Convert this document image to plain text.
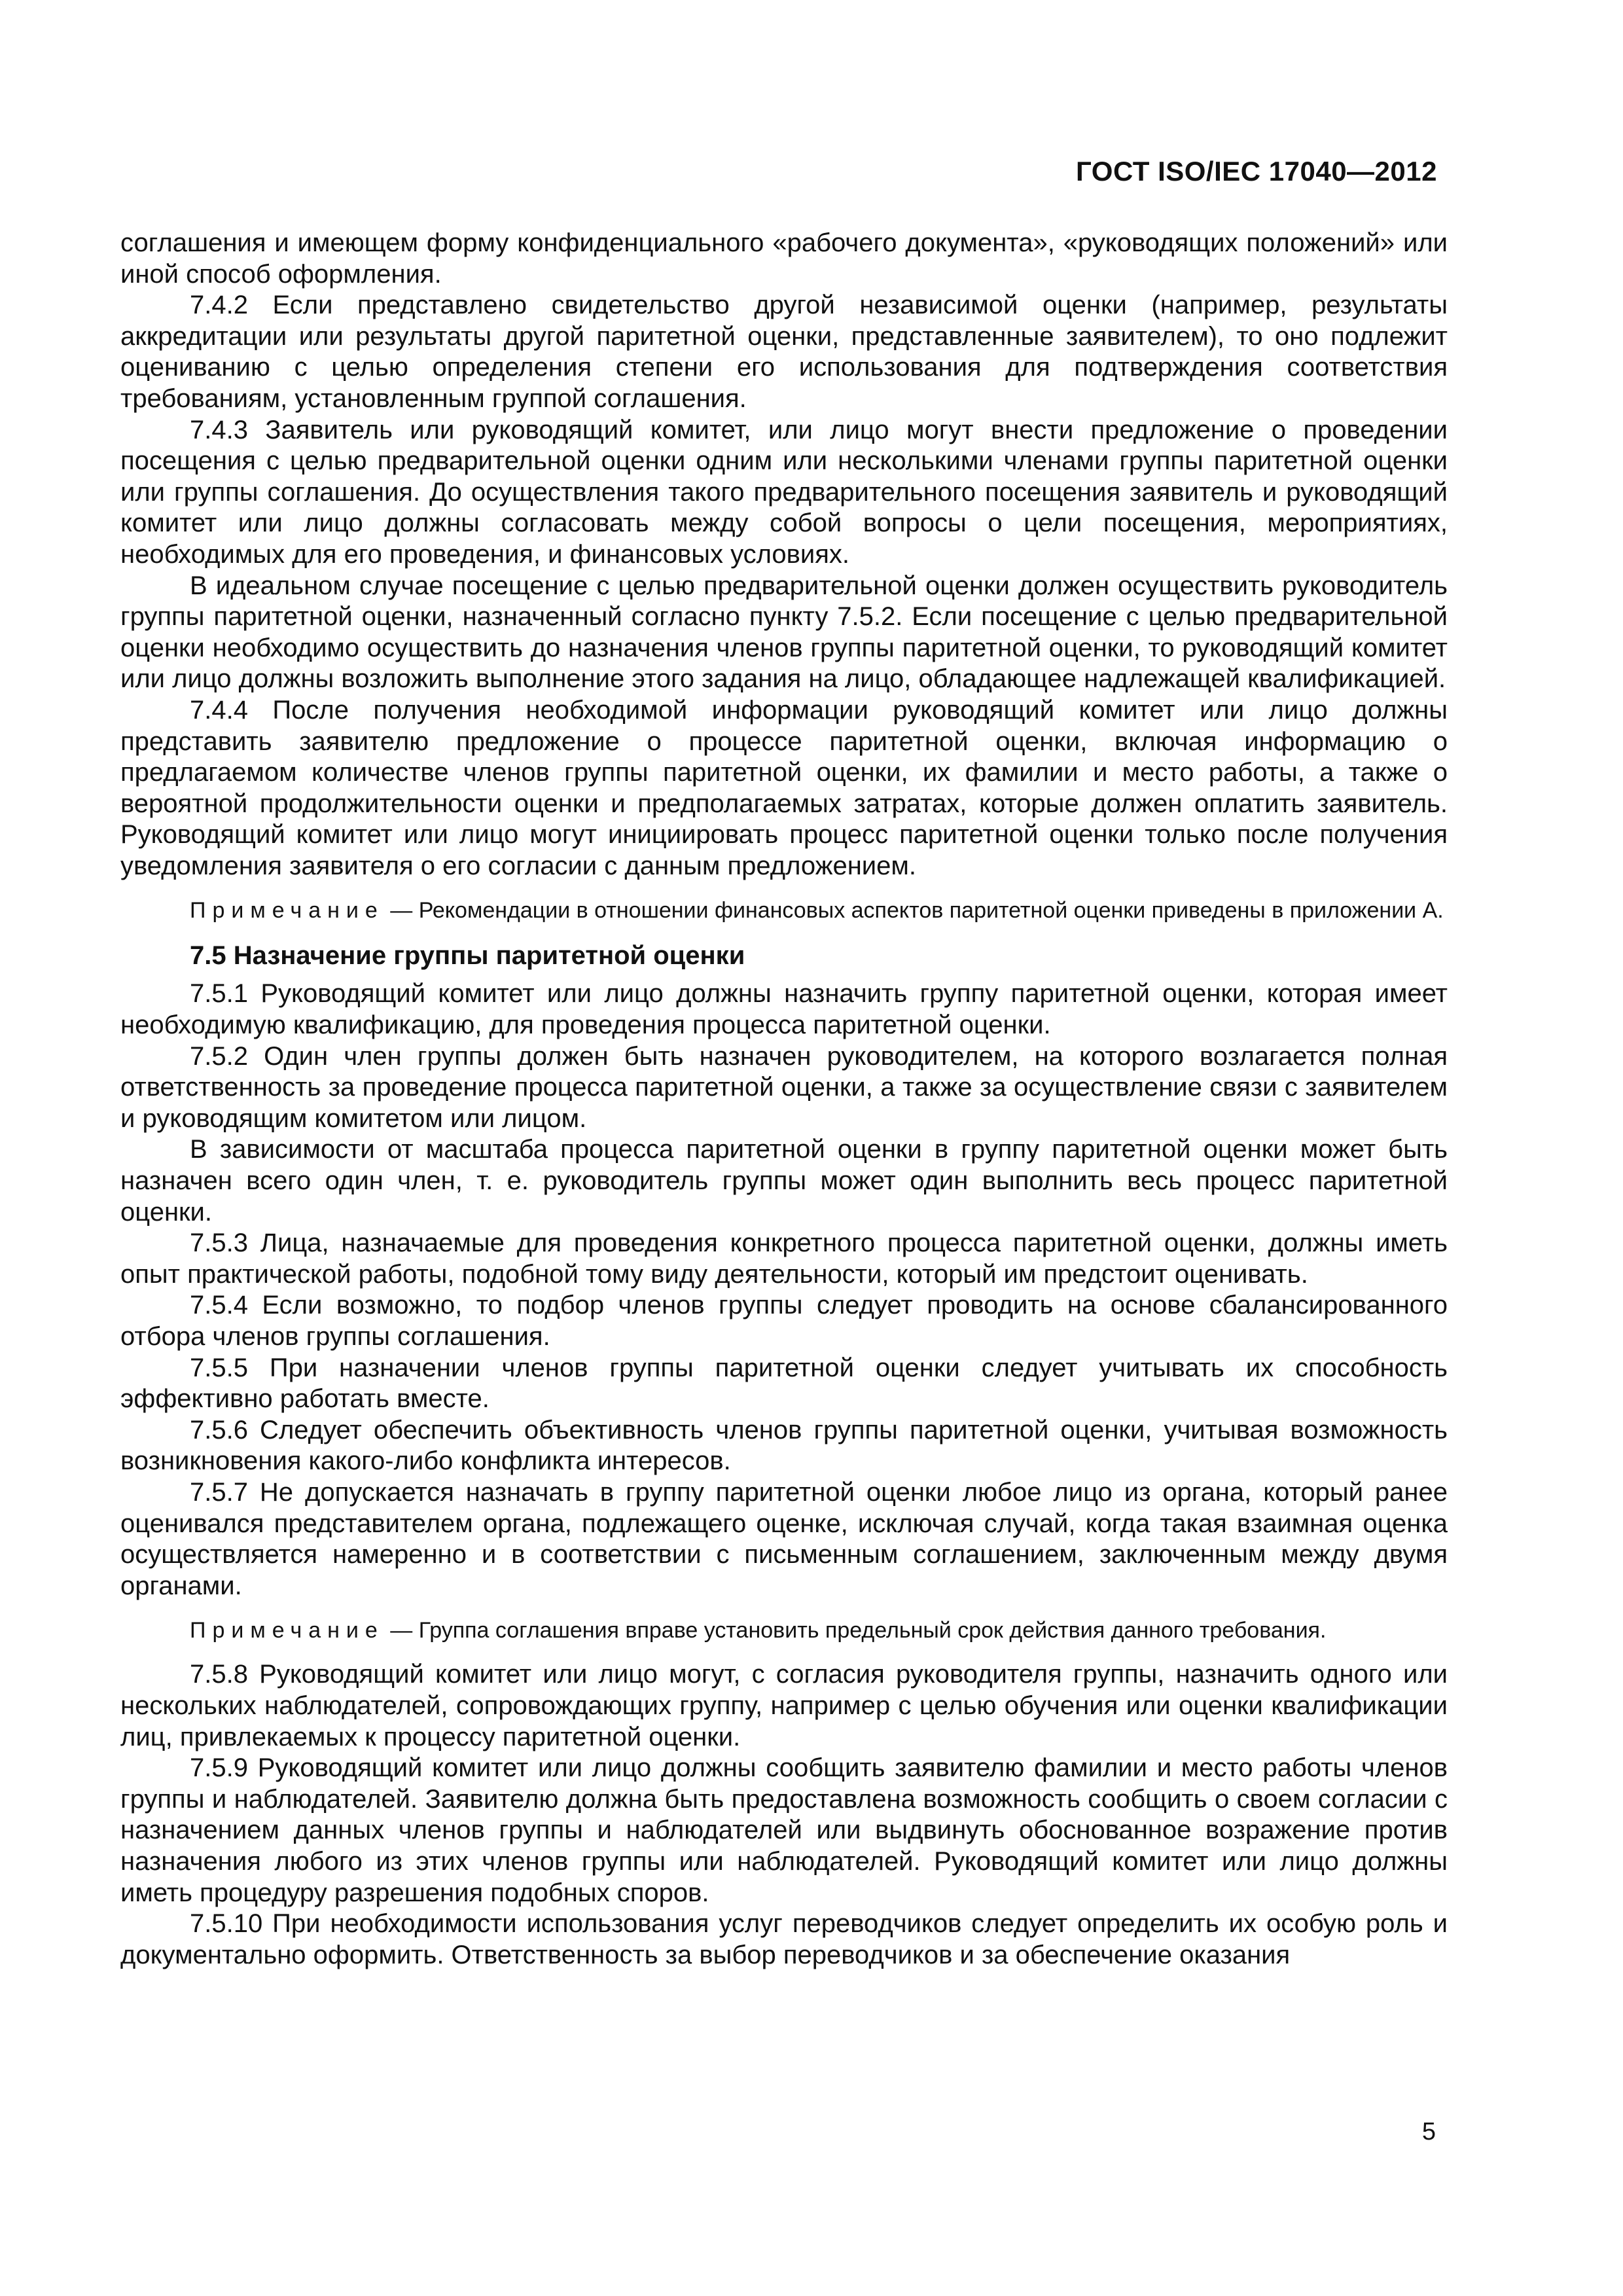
ГОСТ ISO/IEC 17040—2012

соглашения и имеющем форму конфиденциального «рабочего документа», «руководящих положений» или иной способ оформления.

7.4.2 Если представлено свидетельство другой независимой оценки (например, результаты аккредитации или результаты другой паритетной оценки, представленные заявителем), то оно подлежит оцениванию с целью определения степени его использования для подтверждения соответствия требованиям, установленным группой соглашения.

7.4.3 Заявитель или руководящий комитет, или лицо могут внести предложение о проведении посещения с целью предварительной оценки одним или несколькими членами группы паритетной оценки или группы соглашения. До осуществления такого предварительного посещения заявитель и руководящий комитет или лицо должны согласовать между собой вопросы о цели посещения, мероприятиях, необходимых для его проведения, и финансовых условиях.

В идеальном случае посещение с целью предварительной оценки должен осуществить руководитель группы паритетной оценки, назначенный согласно пункту 7.5.2. Если посещение с целью предварительной оценки необходимо осуществить до назначения членов группы паритетной оценки, то руководящий комитет или лицо должны возложить выполнение этого задания на лицо, обладающее надлежащей квалификацией.

7.4.4 После получения необходимой информации руководящий комитет или лицо должны представить заявителю предложение о процессе паритетной оценки, включая информацию о предлагаемом количестве членов группы паритетной оценки, их фамилии и место работы, а также о вероятной продолжительности оценки и предполагаемых затратах, которые должен оплатить заявитель. Руководящий комитет или лицо могут инициировать процесс паритетной оценки только после получения уведомления заявителя о его согласии с данным предложением.

Примечание — Рекомендации в отношении финансовых аспектов паритетной оценки приведены в приложении А.

7.5 Назначение группы паритетной оценки

7.5.1 Руководящий комитет или лицо должны назначить группу паритетной оценки, которая имеет необходимую квалификацию, для проведения процесса паритетной оценки.

7.5.2 Один член группы должен быть назначен руководителем, на которого возлагается полная ответственность за проведение процесса паритетной оценки, а также за осуществление связи с заявителем и руководящим комитетом или лицом.

В зависимости от масштаба процесса паритетной оценки в группу паритетной оценки может быть назначен всего один член, т. е. руководитель группы может один выполнить весь процесс паритетной оценки.

7.5.3 Лица, назначаемые для проведения конкретного процесса паритетной оценки, должны иметь опыт практической работы, подобной тому виду деятельности, который им предстоит оценивать.

7.5.4 Если возможно, то подбор членов группы следует проводить на основе сбалансированного отбора членов группы соглашения.

7.5.5 При назначении членов группы паритетной оценки следует учитывать их способность эффективно работать вместе.

7.5.6 Следует обеспечить объективность членов группы паритетной оценки, учитывая возможность возникновения какого-либо конфликта интересов.

7.5.7 Не допускается назначать в группу паритетной оценки любое лицо из органа, который ранее оценивался представителем органа, подлежащего оценке, исключая случай, когда такая взаимная оценка осуществляется намеренно и в соответствии с письменным соглашением, заключенным между двумя органами.

Примечание — Группа соглашения вправе установить предельный срок действия данного требования.

7.5.8 Руководящий комитет или лицо могут, с согласия руководителя группы, назначить одного или нескольких наблюдателей, сопровождающих группу, например с целью обучения или оценки квалификации лиц, привлекаемых к процессу паритетной оценки.

7.5.9 Руководящий комитет или лицо должны сообщить заявителю фамилии и место работы членов группы и наблюдателей. Заявителю должна быть предоставлена возможность сообщить о своем согласии с назначением данных членов группы и наблюдателей или выдвинуть обоснованное возражение против назначения любого из этих членов группы или наблюдателей. Руководящий комитет или лицо должны иметь процедуру разрешения подобных споров.

7.5.10 При необходимости использования услуг переводчиков следует определить их особую роль и документально оформить. Ответственность за выбор переводчиков и за обеспечение оказания

5
